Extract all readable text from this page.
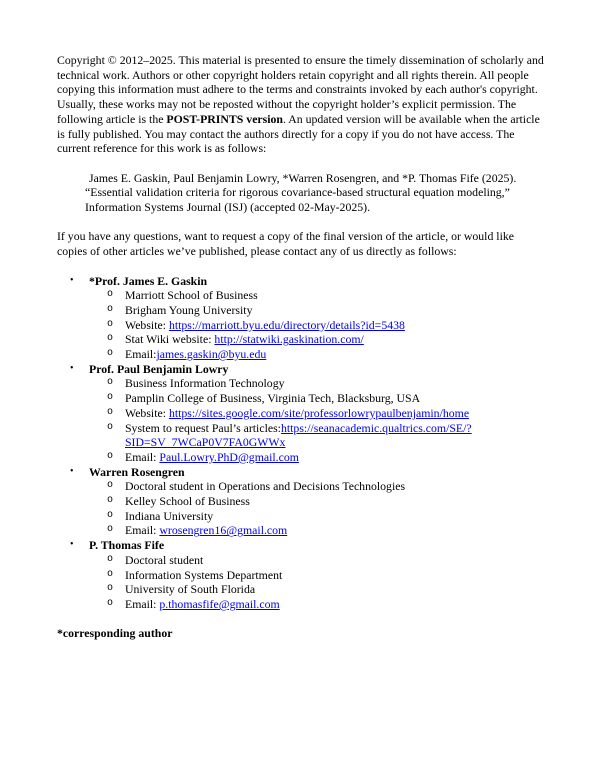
Copyright © 2012–2025. This material is presented to ensure the timely dissemination of scholarly and technical work. Authors or other copyright holders retain copyright and all rights therein. All people copying this information must adhere to the terms and constraints invoked by each author's copyright. Usually, these works may not be reposted without the copyright holder’s explicit permission. The following article is the POST-PRINTS version. An updated version will be available when the article is fully published. You may contact the authors directly for a copy if you do not have access. The current reference for this work is as follows:

James E. Gaskin, Paul Benjamin Lowry, *Warren Rosengren, and *P. Thomas Fife (2025).
“Essential validation criteria for rigorous covariance-based structural equation modeling,”
Information Systems Journal (ISJ) (accepted 02-May-2025).

If you have any questions, want to request a copy of the final version of the article, or would like copies of other articles we’ve published, please contact any of us directly as follows:

•	*Prof. James E. Gaskin
o	Marriott School of Business
o	Brigham Young University
o	Website: https://marriott.byu.edu/directory/details?id=5438
o	Stat Wiki website: http://statwiki.gaskination.com/
o	Email:james.gaskin@byu.edu
•	Prof. Paul Benjamin Lowry
o	Business Information Technology
o	Pamplin College of Business, Virginia Tech, Blacksburg, USA
o	Website: https://sites.google.com/site/professorlowrypaulbenjamin/home
o	System to request Paul’s articles:https://seanacademic.qualtrics.com/SE/?SID=SV_7WCaP0V7FA0GWWx
o	Email: Paul.Lowry.PhD@gmail.com
•	Warren Rosengren
o	Doctoral student in Operations and Decisions Technologies
o	Kelley School of Business
o	Indiana University
o	Email: wrosengren16@gmail.com
•	P. Thomas Fife
o	Doctoral student
o	Information Systems Department
o	University of South Florida
o	Email: p.thomasfife@gmail.com
*corresponding author
